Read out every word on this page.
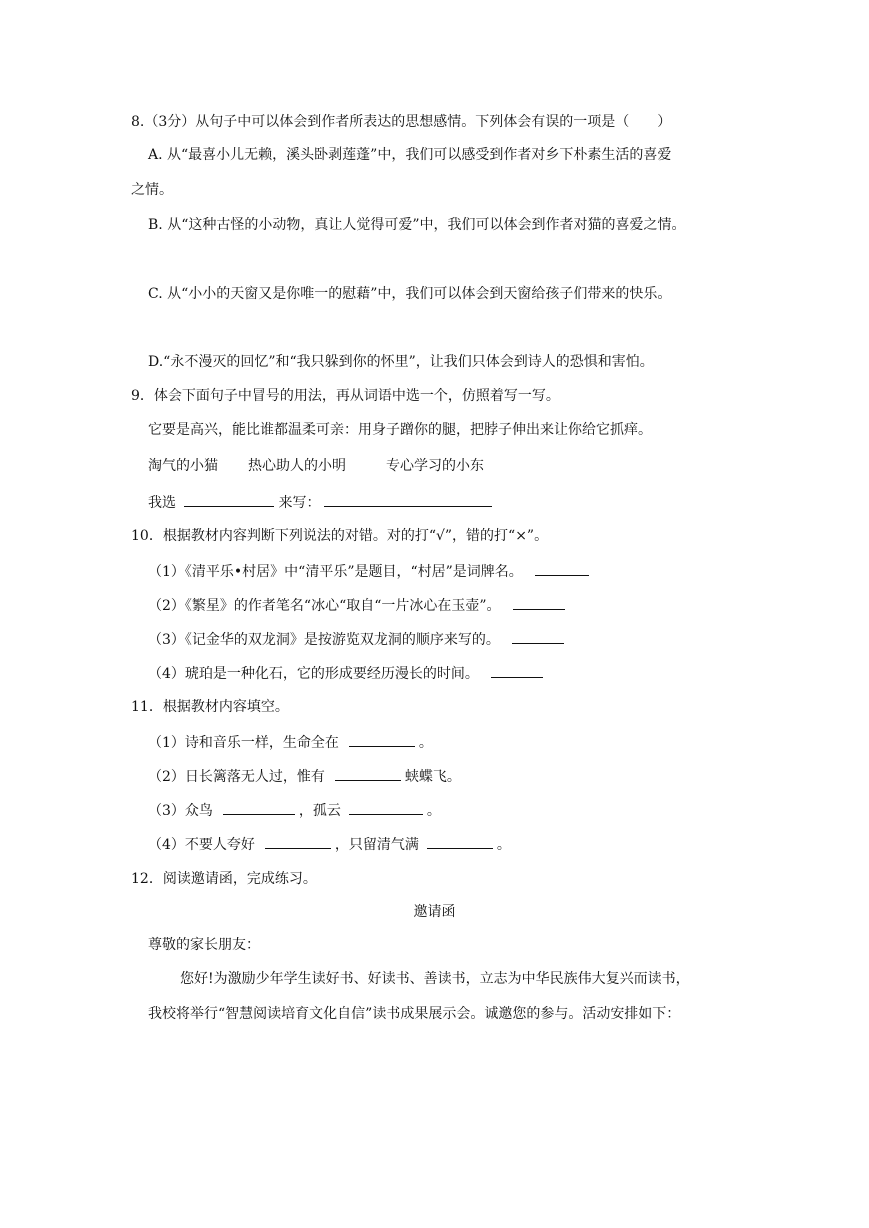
8.（3分）从句子中可以体会到作者所表达的思想感情。下列体会有误的一项是（　　）
A. 从“最喜小儿无赖，溪头卧剥莲蓬”中，我们可以感受到作者对乡下朴素生活的喜爱
之情。
B. 从“这种古怪的小动物，真让人觉得可爱”中，我们可以体会到作者对猫的喜爱之情。
C. 从“小小的天窗又是你唯一的慰藉”中，我们可以体会到天窗给孩子们带来的快乐。
D.“永不漫灭的回忆”和“我只躲到你的怀里”，让我们只体会到诗人的恐惧和害怕。
9．体会下面句子中冒号的用法，再从词语中选一个，仿照着写一写。
它要是高兴，能比谁都温柔可亲：用身子蹭你的腿，把脖子伸出来让你给它抓痒。
淘气的小猫 热心助人的小明	专心学习的小东
我选	来写：
10．根据教材内容判断下列说法的对错。对的打“√”，错的打“×”。
（1）《清平乐•村居》中“清平乐”是题目，“村居”是词牌名。
（2）《繁星》的作者笔名“冰心“取自“一片冰心在玉壶”。
（3）《记金华的双龙洞》是按游览双龙洞的顺序来写的。
（4）琥珀是一种化石，它的形成要经历漫长的时间。
11．根据教材内容填空。
（1）诗和音乐一样，生命全在	。
（2）日长篱落无人过，惟有	蛱蝶飞。
（3）众鸟	，孤云	。
（4）不要人夸好	，只留清气满	。
12．阅读邀请函，完成练习。
邀请函
尊敬的家长朋友：
您好!为激励少年学生读好书、好读书、善读书，立志为中华民族伟大复兴而读书，
我校将举行“智慧阅读培育文化自信”读书成果展示会。诚邀您的参与。活动安排如下：
